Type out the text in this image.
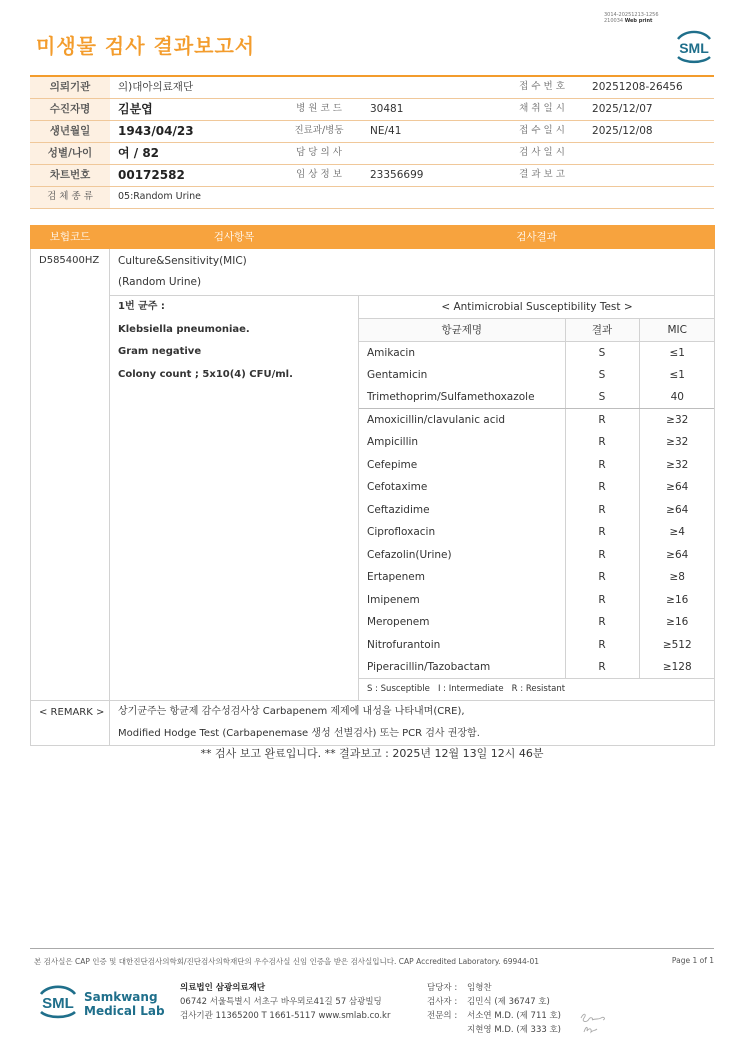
3014-20251213-1256
210034 Web print
미생물 검사 결과보고서	SML
의뢰기관	의)대아의료재단			접 수 번 호	20251208-26456
수진자명	김분엽	병 원 코 드	30481	채 취 일 시	2025/12/07
생년월일	1943/04/23	진료과/병동	NE/41	접 수 일 시	2025/12/08
성별/나이	여 / 82	담 당 의 사		검 사 일 시	
차트번호	00172582	임 상 정 보	23356699	결 과 보 고	
검 체 종 류	05:Random Urine				
보험코드	검사항목	검사결과
D585400HZ	Culture&Sensitivity(MIC)
(Random Urine)

1번 균주 :
Klebsiella pneumoniae.
Gram negative
Colony count ; 5x10(4) CFU/ml.

< Antimicrobial Susceptibility Test >
항균제명	결과	MIC
Amikacin	S	≤1
Gentamicin	S	≤1
Trimethoprim/Sulfamethoxazole	S	40
Amoxicillin/clavulanic acid	R	≥32
Ampicillin	R	≥32
Cefepime	R	≥32
Cefotaxime	R	≥64
Ceftazidime	R	≥64
Ciprofloxacin	R	≥4
Cefazolin(Urine)	R	≥64
Ertapenem	R	≥8
Imipenem	R	≥16
Meropenem	R	≥16
Nitrofurantoin	R	≥512
Piperacillin/Tazobactam	R	≥128
S : Susceptible   I : Intermediate   R : Resistant

< REMARK >	상기균주는 항균제 감수성검사상 Carbapenem 제제에 내성을 나타내며(CRE),
Modified Hodge Test (Carbapenemase 생성 선별검사) 또는 PCR 검사 권장함.
** 검사 보고 완료입니다. ** 결과보고 : 2025년 12월 13일 12시 46분
본 검사실은 CAP 인증 및 대한진단검사의학회/진단검사의학재단의 우수검사실 신임 인증을 받은 검사실입니다. CAP Accredited Laboratory. 69944-01	Page 1 of 1
SML Samkwang
Medical Lab
의료법인 삼광의료재단
06742 서울특별시 서초구 바우뫼로41길 57 삼광빌딩
검사기관 11365200 T 1661-5117 www.smlab.co.kr
담당자 :	임형찬
검사자 :	김민식 (제 36747 호)
전문의 :	서소연 M.D. (제 711 호)
지현영 M.D. (제 333 호)
